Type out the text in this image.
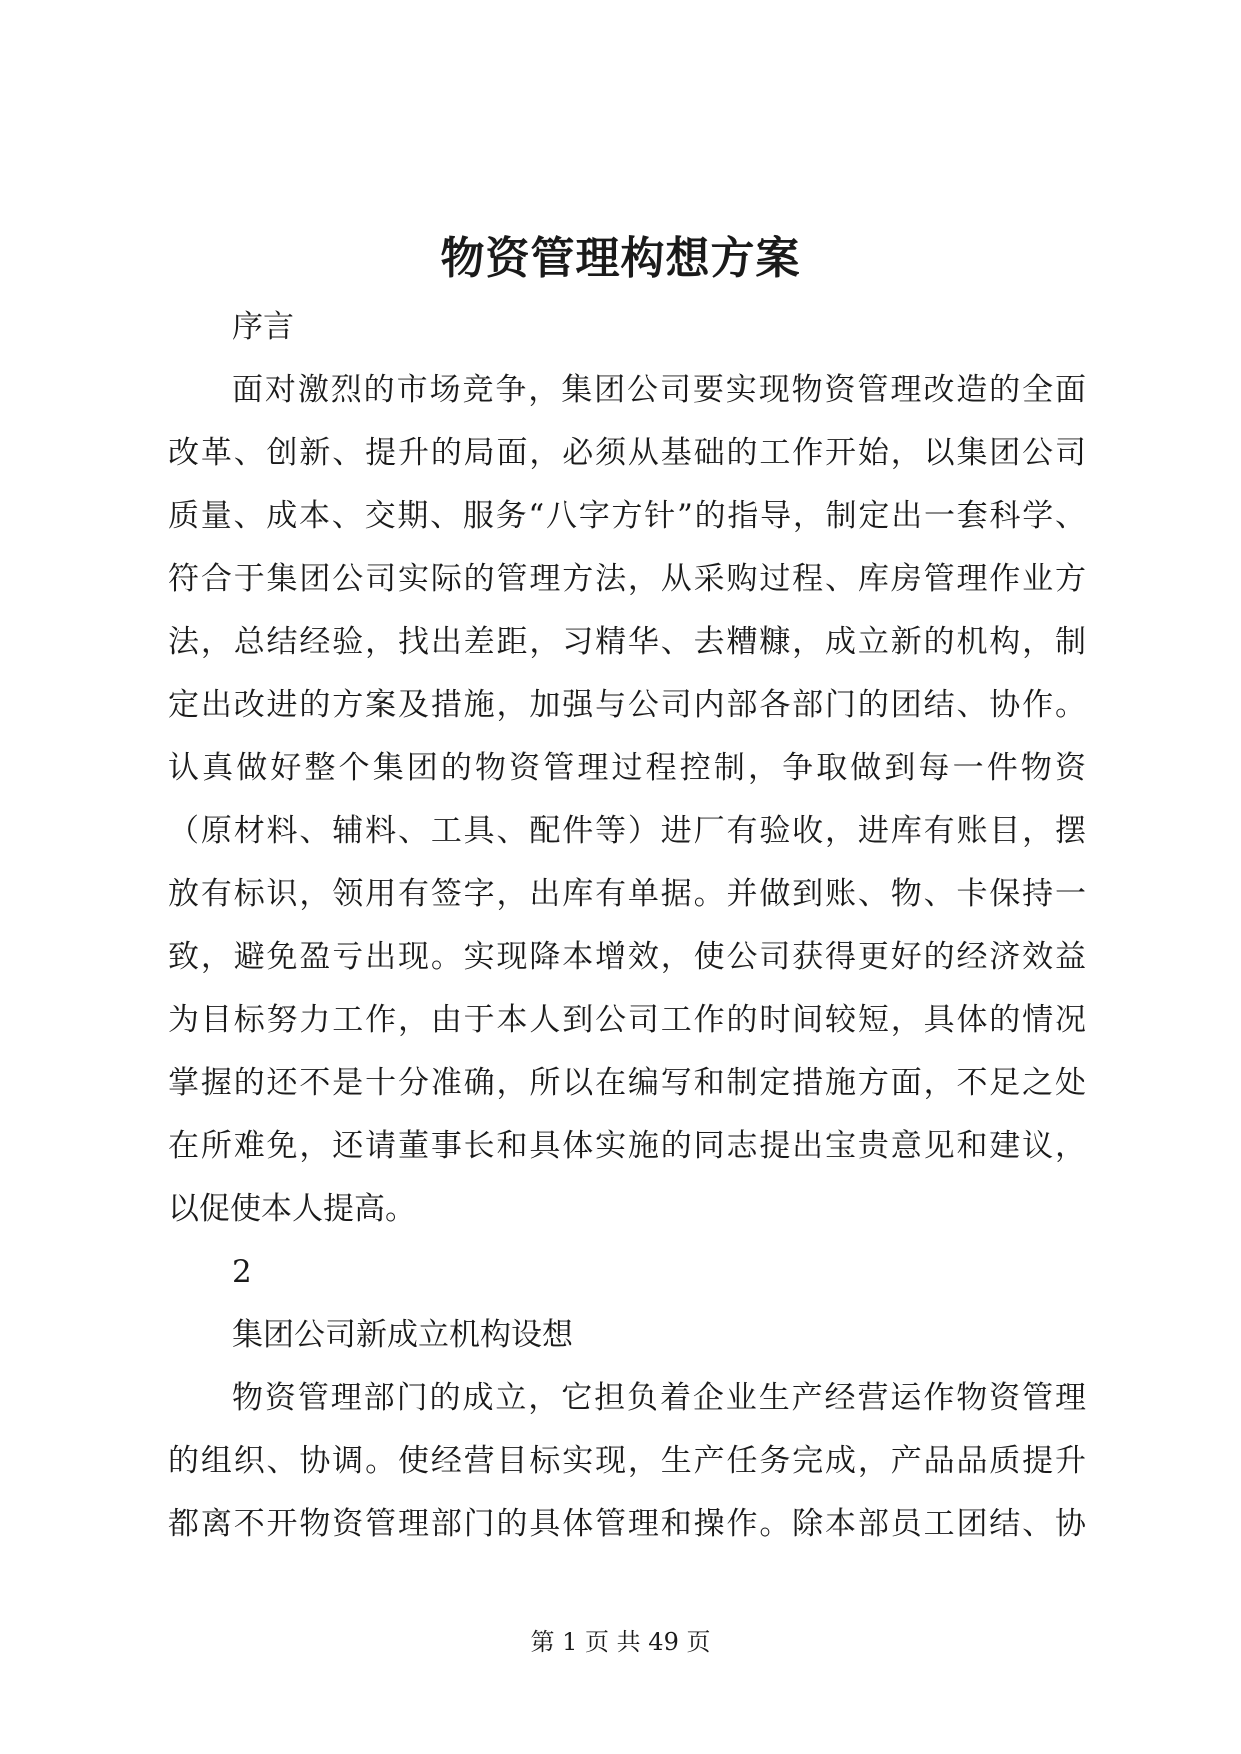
物资管理构想方案
序言
面对激烈的市场竞争，集团公司要实现物资管理改造的全面
改革、创新、提升的局面，必须从基础的工作开始，以集团公司
质量、成本、交期、服务“八字方针”的指导，制定出一套科学、
符合于集团公司实际的管理方法，从采购过程、库房管理作业方
法，总结经验，找出差距，习精华、去糟糠，成立新的机构，制
定出改进的方案及措施，加强与公司内部各部门的团结、协作。
认真做好整个集团的物资管理过程控制，争取做到每一件物资
（原材料、辅料、工具、配件等）进厂有验收，进库有账目，摆
放有标识，领用有签字，出库有单据。并做到账、物、卡保持一
致，避免盈亏出现。实现降本增效，使公司获得更好的经济效益
为目标努力工作，由于本人到公司工作的时间较短，具体的情况
掌握的还不是十分准确，所以在编写和制定措施方面，不足之处
在所难免，还请董事长和具体实施的同志提出宝贵意见和建议，
以促使本人提高。
2
集团公司新成立机构设想
物资管理部门的成立，它担负着企业生产经营运作物资管理
的组织、协调。使经营目标实现，生产任务完成，产品品质提升
都离不开物资管理部门的具体管理和操作。除本部员工团结、协
第 1 页 共 49 页
